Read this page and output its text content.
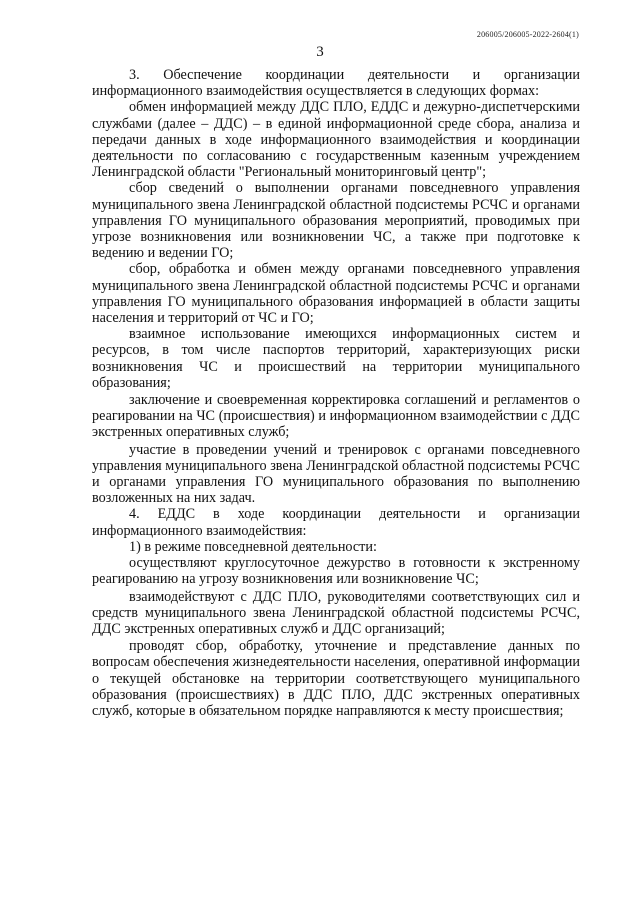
206005/206005-2022-2604(1)
3

3. Обеспечение координации деятельности и организации информационного взаимодействия осуществляется в следующих формах:

обмен информацией между ДДС ПЛО, ЕДДС и дежурно-диспетчерскими службами (далее – ДДС) – в единой информационной среде сбора, анализа и передачи данных в ходе информационного взаимодействия и координации деятельности по согласованию с государственным казенным учреждением Ленинградской области "Региональный мониторинговый центр";

сбор сведений о выполнении органами повседневного управления муниципального звена Ленинградской областной подсистемы РСЧС и органами управления ГО муниципального образования мероприятий, проводимых при угрозе возникновения или возникновении ЧС, а также при подготовке к ведению и ведении ГО;

сбор, обработка и обмен между органами повседневного управления муниципального звена Ленинградской областной подсистемы РСЧС и органами управления ГО муниципального образования информацией в области защиты населения и территорий от ЧС и ГО;

взаимное использование имеющихся информационных систем и ресурсов, в том числе паспортов территорий, характеризующих риски возникновения ЧС и происшествий на территории муниципального образования;

заключение и своевременная корректировка соглашений и регламентов о реагировании на ЧС (происшествия) и информационном взаимодействии с ДДС экстренных оперативных служб;

участие в проведении учений и тренировок с органами повседневного управления муниципального звена Ленинградской областной подсистемы РСЧС и органами управления ГО муниципального образования по выполнению возложенных на них задач.

4. ЕДДС в ходе координации деятельности и организации информационного взаимодействия:

1) в режиме повседневной деятельности:

осуществляют круглосуточное дежурство в готовности к экстренному реагированию на угрозу возникновения или возникновение ЧС;

взаимодействуют с ДДС ПЛО, руководителями соответствующих сил и средств муниципального звена Ленинградской областной подсистемы РСЧС, ДДС экстренных оперативных служб и ДДС организаций;

проводят сбор, обработку, уточнение и представление данных по вопросам обеспечения жизнедеятельности населения, оперативной информации о текущей обстановке на территории соответствующего муниципального образования (происшествиях) в ДДС ПЛО, ДДС экстренных оперативных служб, которые в обязательном порядке направляются к месту происшествия;
